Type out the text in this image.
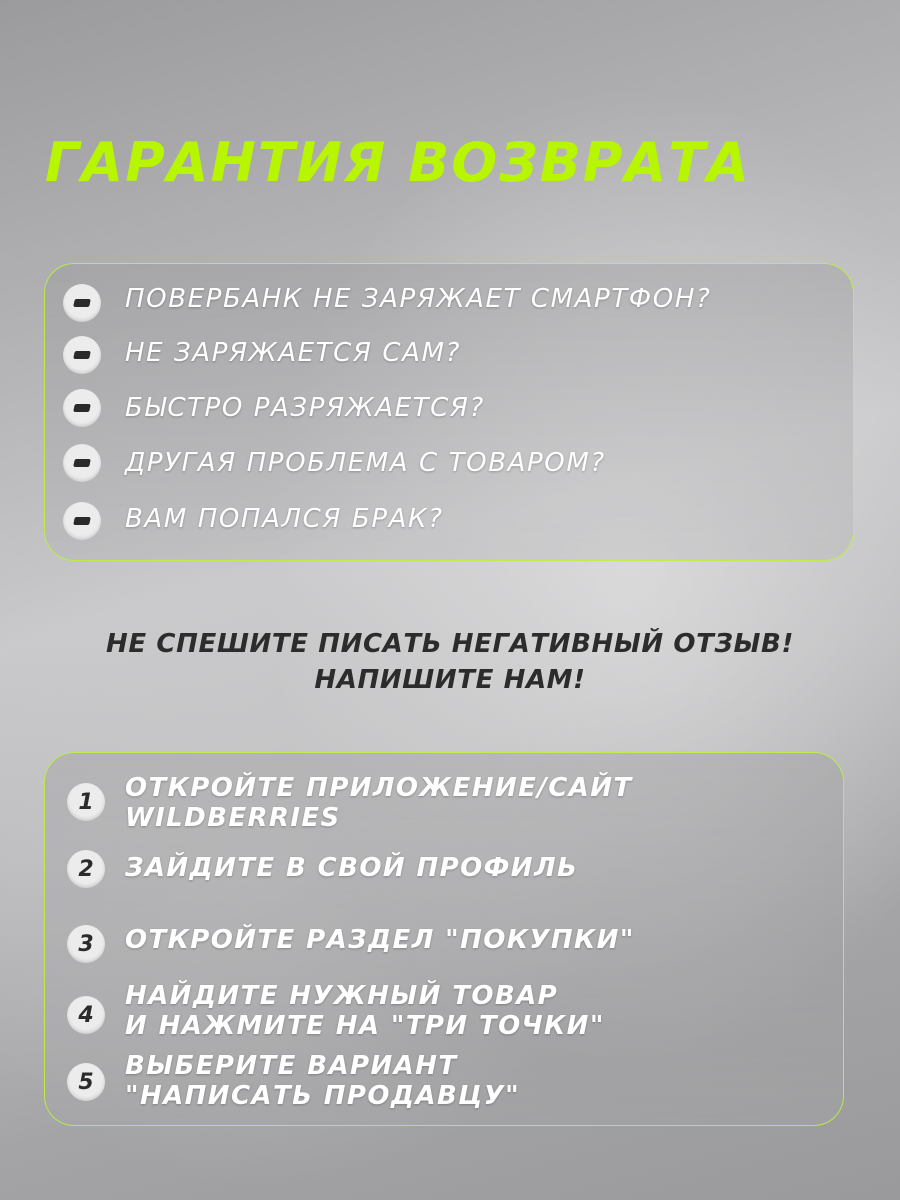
ГАРАНТИЯ ВОЗВРАТА

ПОВЕРБАНК НЕ ЗАРЯЖАЕТ СМАРТФОН?

НЕ ЗАРЯЖАЕТСЯ САМ?

БЫСТРО РАЗРЯЖАЕТСЯ?

ДРУГАЯ ПРОБЛЕМА С ТОВАРОМ?

ВАМ ПОПАЛСЯ БРАК?

НЕ СПЕШИТЕ ПИСАТЬ НЕГАТИВНЫЙ ОТЗЫВ!

НАПИШИТЕ НАМ!

1 ОТКРОЙТЕ ПРИЛОЖЕНИЕ/САЙТ

WILDBERRIES

2 ЗАЙДИТЕ В СВОЙ ПРОФИЛЬ

3 ОТКРОЙТЕ РАЗДЕЛ "ПОКУПКИ"

4

НАЙДИТЕ НУЖНЫЙ ТОВАР

И НАЖМИТЕ НА "ТРИ ТОЧКИ"

5

ВЫБЕРИТЕ ВАРИАНТ

"НАПИСАТЬ ПРОДАВЦУ"
